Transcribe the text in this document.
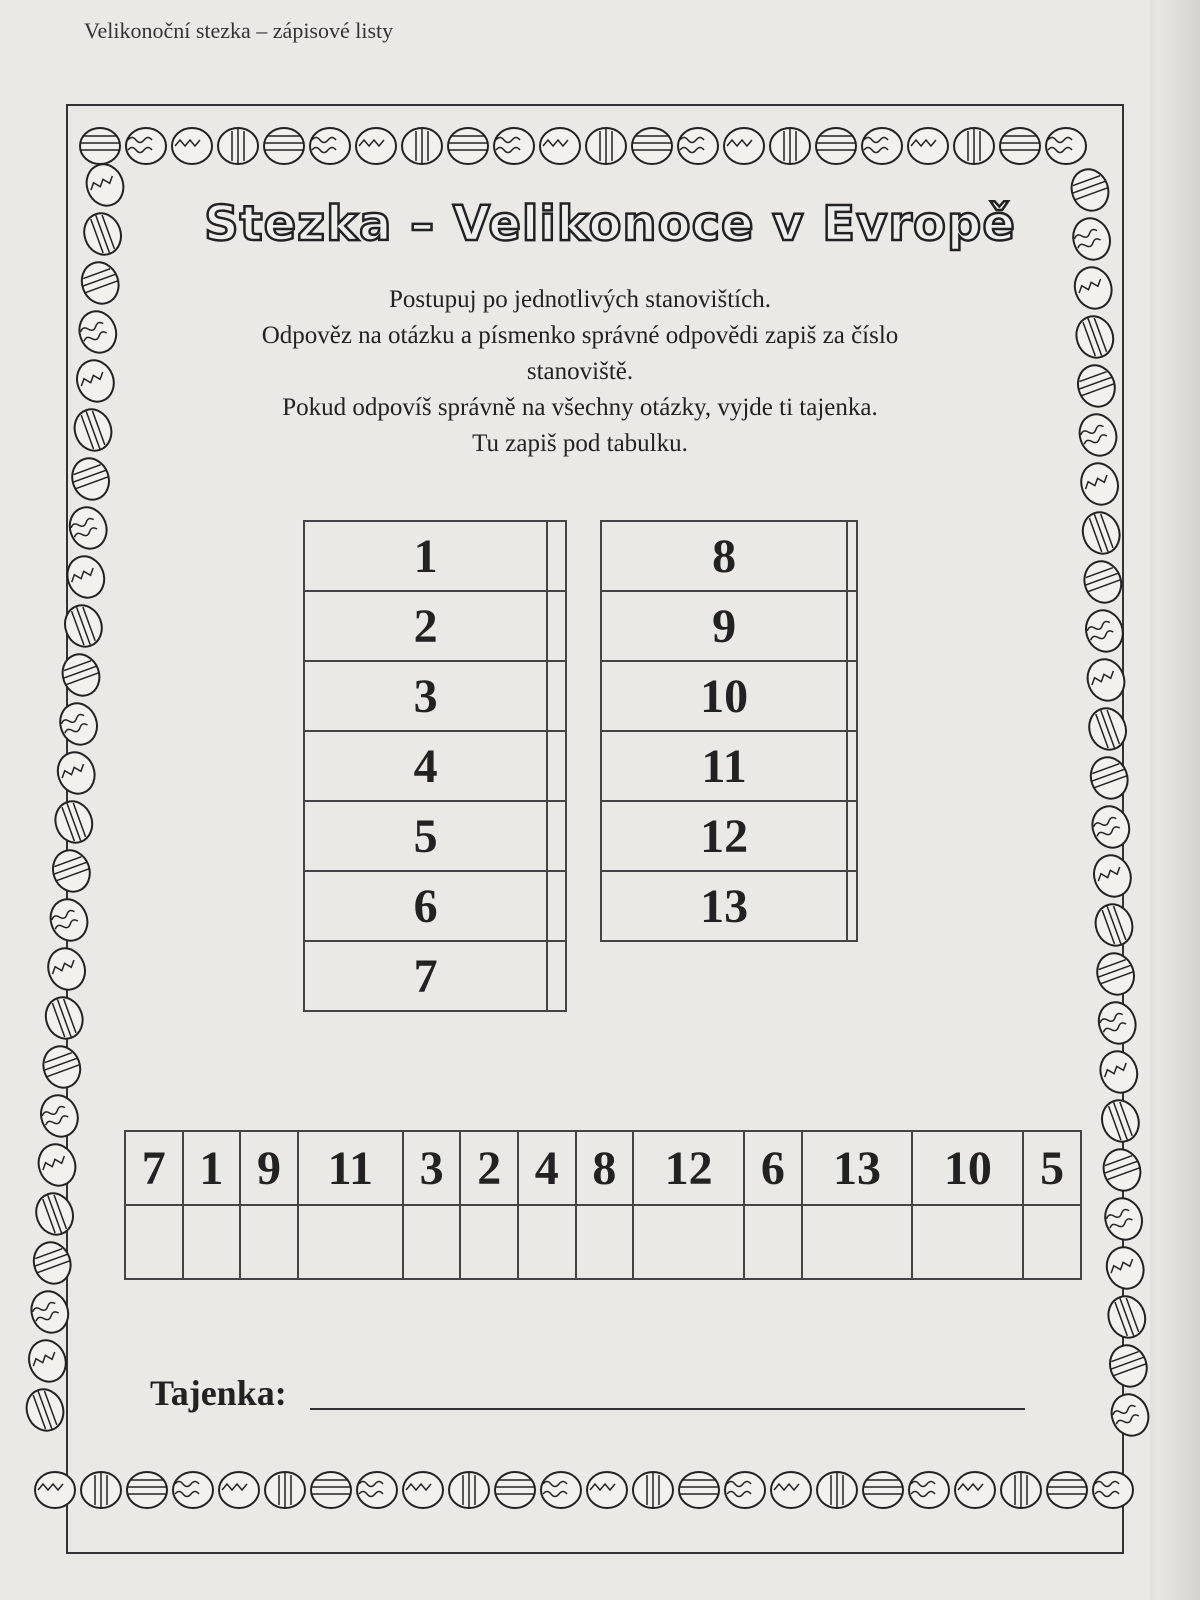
Velikonoční stezka – zápisové listy
Stezka – Velikonoce v Evropě
Postupuj po jednotlivých stanovištích.
Odpověz na otázku a písmenko správné odpovědi zapiš za číslo
stanoviště.
Pokud odpovíš správně na všechny otázky, vyjde ti tajenka.
Tu zapiš pod tabulku.
1	
2	
3	
4	
5	
6	
7	
8	
9	
10	
11	
12	
13	
7	1	9	11	3	2	4	8	12	6	13	10	5

Tajenka:
